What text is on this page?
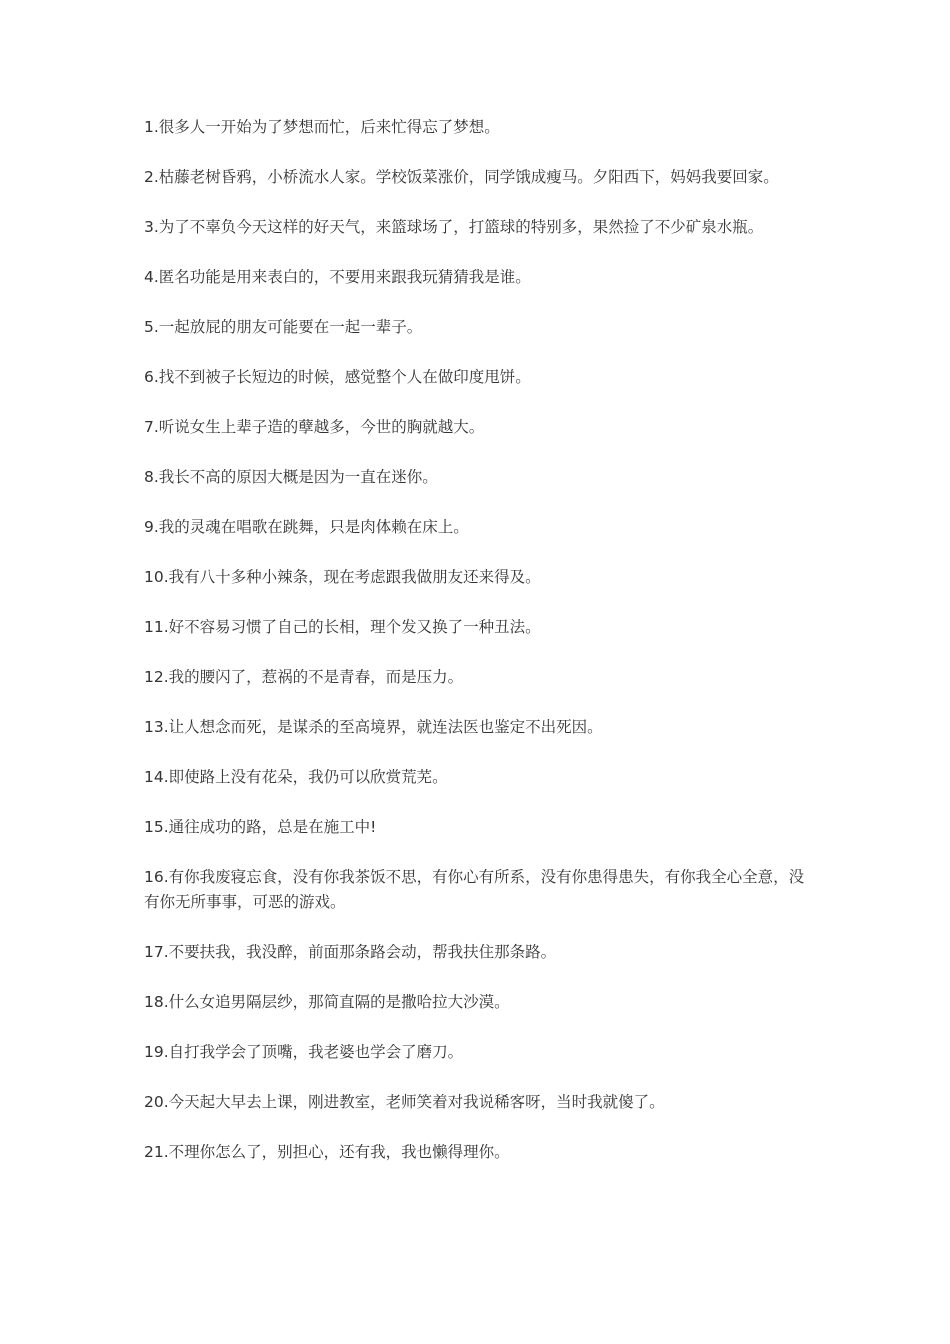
1.很多人一开始为了梦想而忙，后来忙得忘了梦想。
2.枯藤老树昏鸦，小桥流水人家。学校饭菜涨价，同学饿成瘦马。夕阳西下，妈妈我要回家。
3.为了不辜负今天这样的好天气，来篮球场了，打篮球的特别多，果然捡了不少矿泉水瓶。
4.匿名功能是用来表白的，不要用来跟我玩猜猜我是谁。
5.一起放屁的朋友可能要在一起一辈子。
6.找不到被子长短边的时候，感觉整个人在做印度甩饼。
7.听说女生上辈子造的孽越多，今世的胸就越大。
8.我长不高的原因大概是因为一直在迷你。
9.我的灵魂在唱歌在跳舞，只是肉体赖在床上。
10.我有八十多种小辣条，现在考虑跟我做朋友还来得及。
11.好不容易习惯了自己的长相，理个发又换了一种丑法。
12.我的腰闪了，惹祸的不是青春，而是压力。
13.让人想念而死，是谋杀的至高境界，就连法医也鉴定不出死因。
14.即使路上没有花朵，我仍可以欣赏荒芜。
15.通往成功的路，总是在施工中!
16.有你我废寝忘食，没有你我茶饭不思，有你心有所系，没有你患得患失，有你我全心全意，没有你无所事事，可恶的游戏。
17.不要扶我，我没醉，前面那条路会动，帮我扶住那条路。
18.什么女追男隔层纱，那简直隔的是撒哈拉大沙漠。
19.自打我学会了顶嘴，我老婆也学会了磨刀。
20.今天起大早去上课，刚进教室，老师笑着对我说稀客呀，当时我就傻了。
21.不理你怎么了，别担心，还有我，我也懒得理你。
